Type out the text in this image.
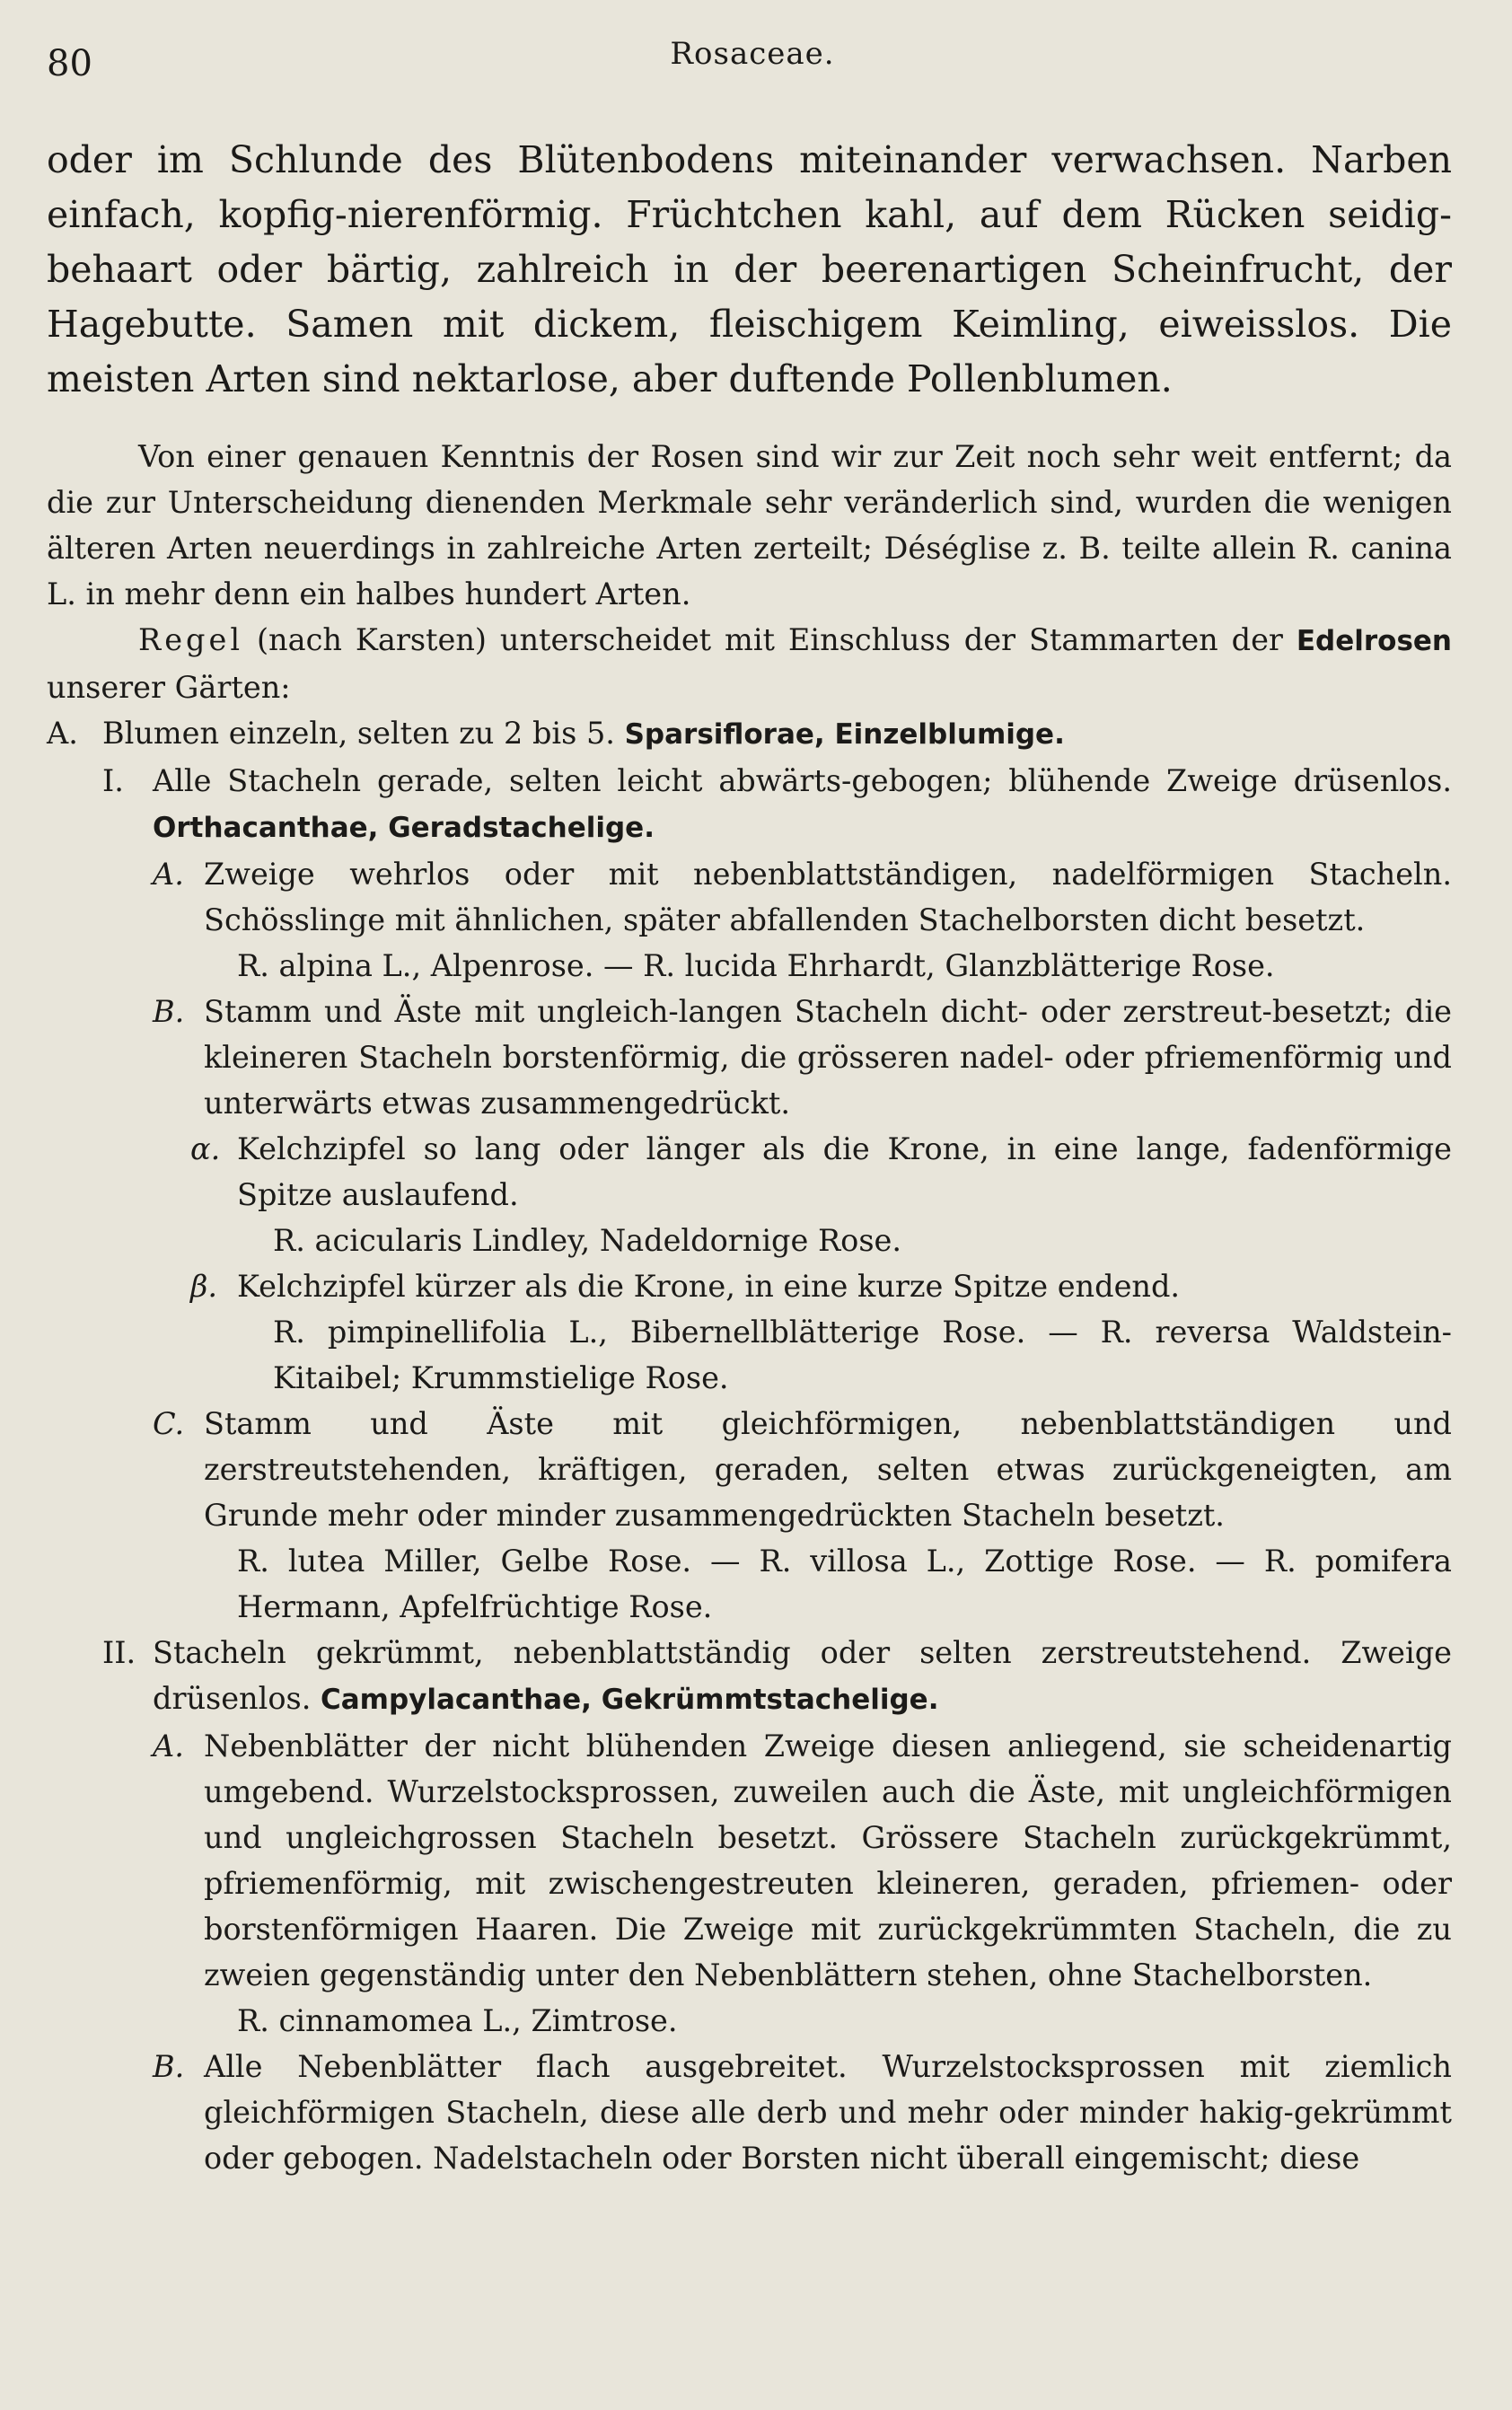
80	Rosaceae.

oder im Schlunde des Blütenbodens miteinander verwachsen. Narben einfach, kopfig-nierenförmig. Früchtchen kahl, auf dem Rücken seidig-behaart oder bärtig, zahlreich in der beerenartigen Scheinfrucht, der Hagebutte. Samen mit dickem, fleischigem Keimling, eiweisslos. Die meisten Arten sind nektarlose, aber duftende Pollenblumen.

Von einer genauen Kenntnis der Rosen sind wir zur Zeit noch sehr weit entfernt; da die zur Unterscheidung dienenden Merkmale sehr veränderlich sind, wurden die wenigen älteren Arten neuerdings in zahlreiche Arten zerteilt; Déséglise z. B. teilte allein R. canina L. in mehr denn ein halbes hundert Arten.

Regel (nach Karsten) unterscheidet mit Einschluss der Stammarten der Edelrosen unserer Gärten:

A. Blumen einzeln, selten zu 2 bis 5. Sparsiflorae, Einzelblumige.

I. Alle Stacheln gerade, selten leicht abwärts-gebogen; blühende Zweige drüsenlos. Orthacanthae, Geradstachelige.

A. Zweige wehrlos oder mit nebenblattständigen, nadelförmigen Stacheln. Schösslinge mit ähnlichen, später abfallenden Stachelborsten dicht besetzt.

R. alpina L., Alpenrose. — R. lucida Ehrhardt, Glanzblätterige Rose.

B. Stamm und Äste mit ungleich-langen Stacheln dicht- oder zerstreut-besetzt; die kleineren Stacheln borstenförmig, die grösseren nadel- oder pfriemenförmig und unterwärts etwas zusammengedrückt.

α. Kelchzipfel so lang oder länger als die Krone, in eine lange, fadenförmige Spitze auslaufend.

R. acicularis Lindley, Nadeldornige Rose.

β. Kelchzipfel kürzer als die Krone, in eine kurze Spitze endend.

R. pimpinellifolia L., Bibernellblätterige Rose. — R. reversa Waldstein-Kitaibel; Krummstielige Rose.

C. Stamm und Äste mit gleichförmigen, nebenblattständigen und zerstreutstehenden, kräftigen, geraden, selten etwas zurückgeneigten, am Grunde mehr oder minder zusammengedrückten Stacheln besetzt.

R. lutea Miller, Gelbe Rose. — R. villosa L., Zottige Rose. — R. pomifera Hermann, Apfelfrüchtige Rose.

II. Stacheln gekrümmt, nebenblattständig oder selten zerstreutstehend. Zweige drüsenlos. Campylacanthae, Gekrümmtstachelige.

A. Nebenblätter der nicht blühenden Zweige diesen anliegend, sie scheidenartig umgebend. Wurzelstocksprossen, zuweilen auch die Äste, mit ungleichförmigen und ungleichgrossen Stacheln besetzt. Grössere Stacheln zurückgekrümmt, pfriemenförmig, mit zwischengestreuten kleineren, geraden, pfriemen- oder borstenförmigen Haaren. Die Zweige mit zurückgekrümmten Stacheln, die zu zweien gegenständig unter den Nebenblättern stehen, ohne Stachelborsten.

R. cinnamomea L., Zimtrose.

B. Alle Nebenblätter flach ausgebreitet. Wurzelstocksprossen mit ziemlich gleichförmigen Stacheln, diese alle derb und mehr oder minder hakig-gekrümmt oder gebogen. Nadelstacheln oder Borsten nicht überall eingemischt; diese
